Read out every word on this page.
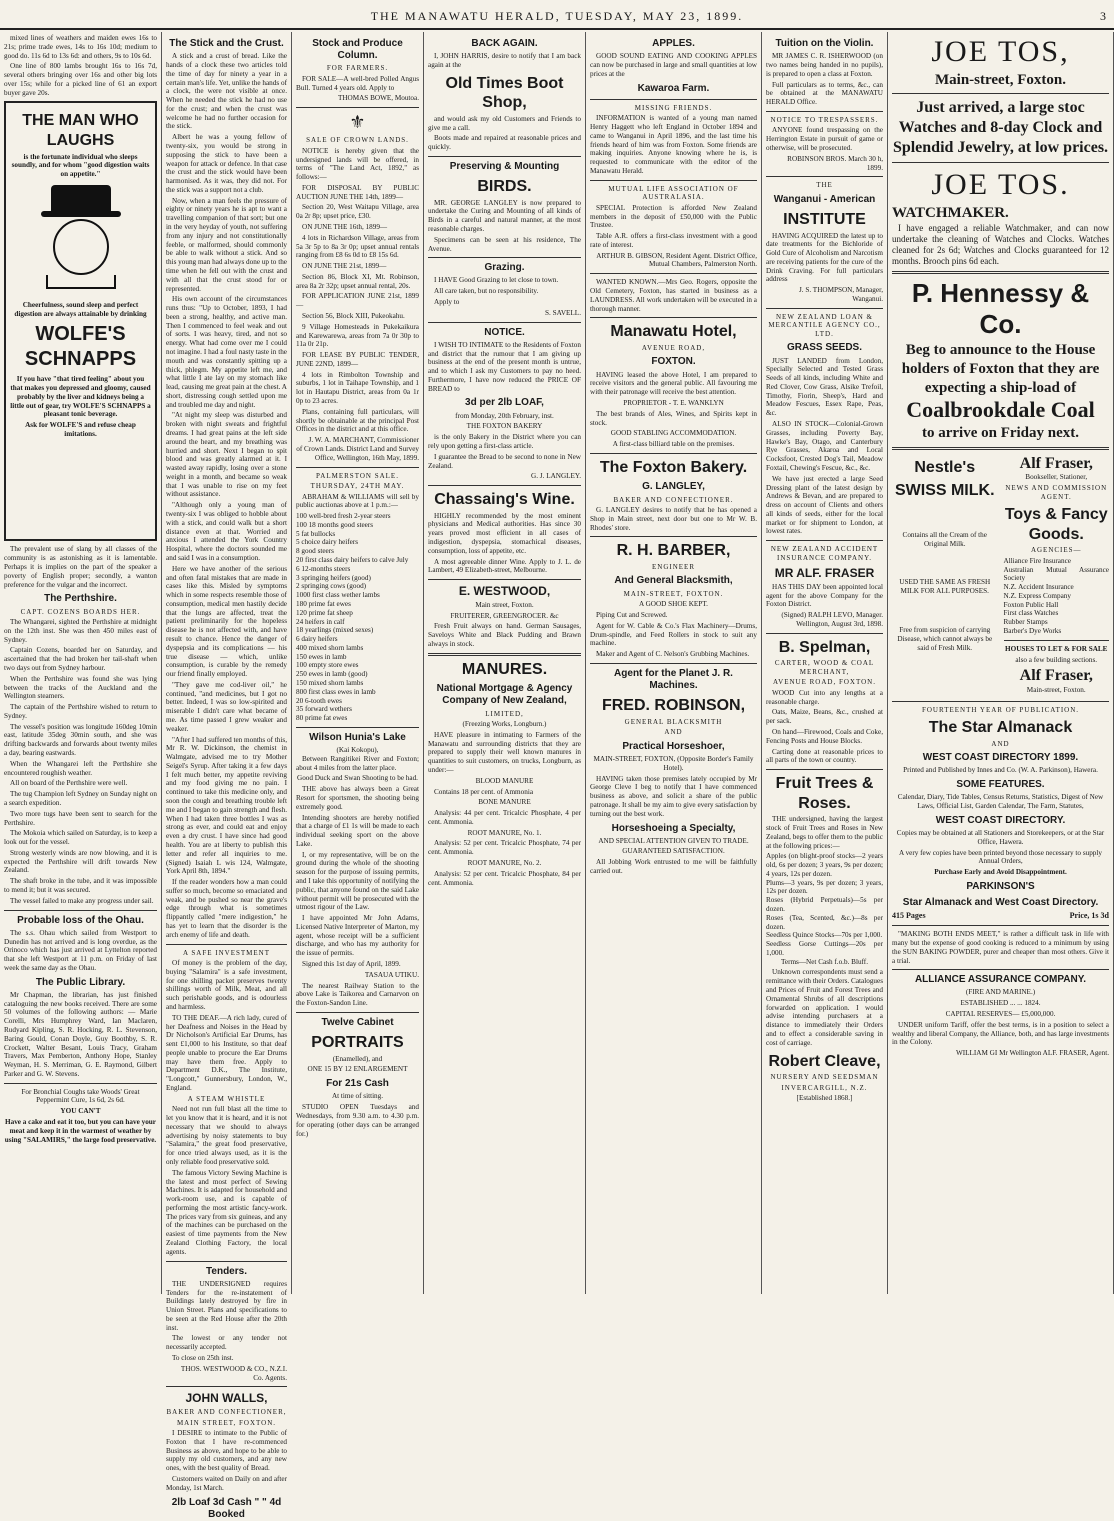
THE MANAWATU HERALD, TUESDAY, MAY 23, 1899.	3

mixed lines of weathers and maiden ewes 16s to 21s; prime trade ewes, 14s to 16s 10d; medium to good do. 11s 6d to 13s 6d: and others, 9s to 10s 6d.

One line of 800 lambs brought 16s to 16s 7d, several others bringing over 16s and other big lots over 15s; while for a picked line of 61 an export buyer gave 20s.

THE MAN WHO LAUGHS

is the fortunate individual who sleeps soundly, and for whom "good digestion waits on appetite."

Cheerfulness, sound sleep and perfect digestion are always attainable by drinking

WOLFE'S SCHNAPPS

If you have "that tired feeling" about you that makes you depressed and gloomy, caused probably by the liver and kidneys being a little out of gear, try WOLFE'S SCHNAPPS a pleasant tonic beverage.

Ask for WOLFE'S and refuse cheap imitations.

The prevalent use of slang by all classes of the community is as astonishing as it is lamentable. Perhaps it is implies on the part of the speaker a poverty of English proper; secondly, a wanton preference for the vulgar and the incorrect.

The Perthshire.
CAPT. COZENS BOARDS HER.

The Whangarei, sighted the Perthshire at midnight on the 12th inst. She was then 450 miles east of Sydney.

Captain Cozens, boarded her on Saturday, and ascertained that the had broken her tail-shaft when two days out from Sydney harbour.

When the Perthshire was found she was lying between the tracks of the Auckland and the Wellington steamers.

The captain of the Perthshire wished to return to Sydney.

The vessel's position was longitude 160deg 10min east, latitude 35deg 30min south, and she was drifting backwards and forwards about twenty miles a day, bearing eastwards.

When the Whangarei left the Perthshire she encountered roughish weather.

All on board of the Perthshire were well.

The tug Champion left Sydney on Sunday night on a search expedition.

Two more tugs have been sent to search for the Perthshire.

The Mokoia which sailed on Saturday, is to keep a look out for the vessel.

Strong westerly winds are now blowing, and it is expected the Perthshire will drift towards New Zealand.

The shaft broke in the tube, and it was impossible to mend it; but it was secured.

The vessel failed to make any progress under sail.

Probable loss of the Ohau.

The s.s. Ohau which sailed from Westport to Dunedin has not arrived and is long overdue, as the Orinoco which has just arrived at Lyttelton reported that she left Westport at 11 p.m. on Friday of last week the same day as the Ohau.

The Public Library.

Mr Chapman, the librarian, has just finished cataloguing the new books received. There are some 50 volumes of the following authors: — Marie Corelli, Mrs Humphrey Ward, Ian Maclaren, Rudyard Kipling, S. R. Hocking, R. L. Stevenson, Baring Gould, Conan Doyle, Guy Boothby, S. R. Crockett, Walter Besant, Louis Tracy, Graham Travers, Max Pemberton, Anthony Hope, Stanley Weyman, H. S. Merriman, G. E. Raymond, Gilbert Parker and G. W. Stevens.

For Bronchial Coughs take Woods' Great Peppermint Cure, 1s 6d, 2s 6d.

YOU CAN'T

Have a cake and eat it too, but you can have your meat and keep it in the warmest of weather by using "SALAMIRS," the large food preservative.

The Stick and the Crust.

A stick and a crust of bread. Like the hands of a clock these two articles told the time of day for ninety a year in a certain man's life. Yet, unlike the hands of a clock, the were not visible at once. When he needed the stick he had no use for the crust; and when the crust was welcome he had no further occasion for the stick.

Albert he was a young fellow of twenty-six, you would be strong in supposing the stick to have been a weapon for attack or defence. In that case the crust and the stick would have been harmonised. As it was, they did not. For the stick was a support not a club.

Now, when a man feels the pressure of eighty or ninety years he is apt to want a travelling companion of that sort; but one in the very heyday of youth, not suffering from any injury and not constitutionally feeble, or malformed, should commonly be able to walk without a stick. And so this young man had always done up to the time when he fell out with the crust and with all that the crust stood for or represented.

His own account of the circumstances runs thus: "Up to October, 1893, I had been a strong, healthy, and active man. Then I commenced to feel weak and out of sorts. I was heavy, tired, and not so energy. What had come over me I could not imagine. I had a foul nasty taste in the mouth and was constantly spitting up a thick, phlegm. My appetite left me, and what little I ate lay on my stomach like lead, causing me great pain at the chest. A short, distressing cough settled upon me and troubled me day and night.

"At night my sleep was disturbed and broken with night sweats and frightful dreams. I had great pains at the left side around the heart, and my breathing was hurried and short. Next I began to spit blood and was greatly alarmed at it. I wasted away rapidly, losing over a stone weight in a month, and became so weak that I was unable to rise on my feet without assistance.

"Although only a young man of twenty-six I was obliged to hobble about with a stick, and could walk but a short distance even at that. Worried and anxious I attended the York Country Hospital, where the doctors sounded me and said I was in a consumption.

Here we have another of the serious and often fatal mistakes that are made in cases like this. Misled by symptoms which in some respects resemble those of consumption, medical men hastily decide that the lungs are affected, treat the patient preliminarily for the hopeless disease he is not affected with, and have result to chance. Hence the danger of dyspepsia and its complications — his true disease — which, unlike consumption, is curable by the remedy our friend finally employed.

"They gave me cod-liver oil," he continued, "and medicines, but I got no better. Indeed, I was so low-spirited and miserable I didn't care what became of me. As time passed I grew weaker and weaker.

"After I had suffered ten months of this, Mr R. W. Dickinson, the chemist in Walmgate, advised me to try Mother Seigel's Syrup. After taking it a few days I felt much better, my appetite reviving and my food giving me no pain. I continued to take this medicine only, and soon the cough and breathing trouble left me and I began to gain strength and flesh. When I had taken three bottles I was as strong as ever, and could eat and enjoy even a dry crust. I have since had good health. You are at liberty to publish this letter and refer all inquiries to me. (Signed) Isaiah L wis 124, Walmgate, York April 8th, 1894."

If the reader wonders how a man could suffer so much, become so emaciated and weak, and be pushed so near the grave's edge through what is sometimes flippantly called "mere indigestion," he has yet to learn that the disorder is the arch enemy of life and death.

A SAFE INVESTMENT

Of money is the problem of the day, buying "Salamira" is a safe investment, for one shilling packet preserves twenty shillings worth of Milk, Meat, and all such perishable goods, and is odourless and harmless.

TO THE DEAF.—A rich lady, cured of her Deafness and Noises in the Head by Dr Nicholson's Artificial Ear Drums, has sent £1,000 to his Institute, so that deaf people unable to procure the Ear Drums may have them free. Apply to Department D.K., The Institute, "Longcott," Gunnersbury, London, W., England.

A STEAM WHISTLE

Need not run full blast all the time to let you know that it is heard, and it is not necessary that we should to always advertising by noisy statements to buy "Salamira," the great food preservative, for once tried always used, as it is the only reliable food preservative sold.

The famous Victory Sewing Machine is the latest and most perfect of Sewing Machines. It is adapted for household and work-room use, and is capable of performing the most artistic fancy-work. The prices vary from six guineas, and any of the machines can be purchased on the easiest of time payments from the New Zealand Clothing Factory, the local agents.

Tenders.

THE UNDERSIGNED requires Tenders for the re-instatement of Buildings lately destroyed by fire in Union Street. Plans and specifications to be seen at the Red House after the 20th inst.

The lowest or any tender not necessarily accepted.

To close on 25th inst.

THOS. WESTWOOD & CO., N.Z.I. Co. Agents.

JOHN WALLS,
BAKER AND CONFECTIONER,
MAIN STREET, FOXTON.

I DESIRE to intimate to the Public of Foxton that I have re-commenced Business as above, and hope to be able to supply my old customers, and any new ones, with the best quality of Bread.

Customers waited on Daily on and after Monday, 1st March.

2lb Loaf 3d Cash " " 4d Booked
Stock and Produce Column.
FOR FARMERS.

FOR SALE—A well-bred Polled Angus Bull. Turned 4 years old. Apply to

THOMAS BOWE, Moutoa.

⚜
SALE OF CROWN LANDS.

NOTICE is hereby given that the undersigned lands will be offered, in terms of "The Land Act, 1892," as follows:—

FOR DISPOSAL BY PUBLIC AUCTION JUNE THE 14th, 1899—

Section 20, West Waitapu Village, area 0a 2r 8p; upset price, £30.

ON JUNE THE 16th, 1899—

4 lots in Richardson Village, areas from 5a 3r 5p to 8a 3r 0p; upset annual rentals ranging from £8 6s 0d to £8 15s 6d.

ON JUNE THE 21st, 1899—

Section 86, Block XI, Mt. Robinson, area 8a 2r 32p; upset annual rental, 20s.

FOR APPLICATION JUNE 21st, 1899—

Section 56, Block XIII, Pukeokahu.

9 Village Homesteads in Pukekaikura and Karewarewa, areas from 7a 0r 30p to 11a 0r 21p.

FOR LEASE BY PUBLIC TENDER, JUNE 22ND, 1899—

4 lots in Rimbolton Township and suburbs, 1 lot in Taihape Township, and 1 lot in Hautapu District, areas from 0a 1r 0p to 23 acres.

Plans, containing full particulars, will shortly be obtainable at the principal Post Offices in the district and at this office.

J. W. A. MARCHANT, Commissioner of Crown Lands. District Land and Survey Office, Wellington, 16th May, 1899.

PALMERSTON SALE.
THURSDAY, 24TH MAY.

ABRAHAM & WILLIAMS will sell by public auctionas above at 1 p.m.:—

100 well-bred fresh 2-year steers
100 18 months good steers
5 fat bullocks
5 choice dairy heifers
8 good steers
20 first class dairy heifers to calve July
6 12-months steers
3 springing heifers (good)
2 springing cows (good)
1000 first class wether lambs
180 prime fat ewes
120 prime fat sheep
24 heifers in calf
18 yearlings (mixed sexes)
6 dairy heifers
400 mixed shorn lambs
150 ewes in lamb
100 empty store ewes
250 ewes in lamb (good)
150 mixed shorn lambs
800 first class ewes in lamb
20 6-tooth ewes
35 forward wethers
80 prime fat ewes
Wilson Hunia's Lake
(Kai Kokopu),

Between Rangitikei River and Foxton; about 4 miles from the latter place.

Good Duck and Swan Shooting to be had.

THE above has always been a Great Resort for sportsmen, the shooting being extremely good.

Intending shooters are hereby notified that a charge of £1 1s will be made to each individual seeking sport on the above Lake.

I, or my representative, will be on the ground during the whole of the shooting season for the purpose of issuing permits, and I take this opportunity of notifying the public, that anyone found on the said Lake without permit will be prosecuted with the utmost rigour of the Law.

I have appointed Mr John Adams, Licensed Native Interpreter of Marton, my agent, whose receipt will be a sufficient discharge, and who has my authority for the issue of permits.

Signed this 1st day of April, 1899.

TASAUA UTIKU.

The nearest Railway Station to the above Lake is Taikorea and Carnarvon on the Foxton-Sandon Line.

Twelve Cabinet
PORTRAITS

(Enamelled), and

ONE 15 BY 12 ENLARGEMENT

For 21s Cash

At time of sitting.

STUDIO OPEN Tuesdays and Wednesdays, from 9.30 a.m. to 4.30 p.m. for operating (other days can be arranged for.)

BACK AGAIN.

I, JOHN HARRIS, desire to notify that I am back again at the

Old Times Boot Shop,

and would ask my old Customers and Friends to give me a call.

Boots made and repaired at reasonable prices and quickly.

Preserving & Mounting
BIRDS.

MR. GEORGE LANGLEY is now prepared to undertake the Curing and Mounting of all kinds of Birds in a careful and natural manner, at the most reasonable charges.

Specimens can be seen at his residence, The Avenue.

Grazing.

I HAVE Good Grazing to let close to town.

All care taken, but no responsibility.

Apply to

S. SAVELL.

NOTICE.

I WISH TO INTIMATE to the Residents of Foxton and district that the rumour that I am giving up business at the end of the present month is untrue, and to which I ask my Customers to pay no heed. Furthermore, I have now reduced the PRICE OF BREAD to

3d per 2lb LOAF,

from Monday, 20th February, inst.

THE FOXTON BAKERY

is the only Bakery in the District where you can rely upon getting a first-class article.

I guarantee the Bread to be second to none in New Zealand.

G. J. LANGLEY.

Chassaing's Wine.

HIGHLY recommended by the most eminent physicians and Medical authorities. Has since 30 years proved most efficient in all cases of indigestion, dyspepsia, stomachical diseases, consumption, loss of appetite, etc.

A most agreeable dinner Wine. Apply to J. L. de Lambert, 49 Elizabeth-street, Melbourne.

E. WESTWOOD,

Main street, Foxton.

FRUITERER, GREENGROCER. &c

Fresh Fruit always on hand. German Sausages, Saveloys White and Black Pudding and Brawn always in stock.

MANURES.
National Mortgage & Agency Company of New Zealand,
LIMITED,

(Freezing Works, Longburn.)

HAVE pleasure in intimating to Farmers of the Manawatu and surrounding districts that they are prepared to supply their well known manures in quantities to suit customers, on trucks, Longburn, as under:—

BLOOD MANURE

Contains 18 per cent. of Ammonia

BONE MANURE

Analysis: 44 per cent. Tricalcic Phosphate, 4 per cent. Ammonia.

ROOT MANURE, No. 1.

Analysis: 52 per cent. Tricalcic Phosphate, 74 per cent. Ammonia.

ROOT MANURE, No. 2.

Analysis: 52 per cent. Tricalcic Phosphate, 84 per cent. Ammonia.

APPLES.

GOOD SOUND EATING AND COOKING APPLES can now be purchased in large and small quantities at low prices at the

Kawaroa Farm.
MISSING FRIENDS.

INFORMATION is wanted of a young man named Henry Haggett who left England in October 1894 and came to Wanganui in April 1896, and the last time his friends heard of him was from Foxton. Some friends are making inquiries. Anyone knowing where he is, is requested to communicate with the editor of the Manawatu Herald.

MUTUAL LIFE ASSOCIATION OF AUSTRALASIA.

SPECIAL Protection is afforded New Zealand members in the deposit of £50,000 with the Public Trustee.

Table A.R. offers a first-class investment with a good rate of interest.

ARTHUR B. GIBSON, Resident Agent. District Office, Mutual Chambers, Palmerston North.

WANTED KNOWN.—Mrs Geo. Rogers, opposite the Old Cemetery, Foxton, has started in business as a LAUNDRESS. All work undertaken will be executed in a thorough manner.

Manawatu Hotel,
AVENUE ROAD,
FOXTON.

HAVING leased the above Hotel, I am prepared to receive visitors and the general public. All favouring me with their patronage will receive the best attention.

PROPRIETOR - T. E. WANKLYN

The best brands of Ales, Wines, and Spirits kept in stock.

GOOD STABLING ACCOMMODATION.

A first-class billiard table on the premises.

The Foxton Bakery.
G. LANGLEY,
BAKER AND CONFECTIONER.

G. LANGLEY desires to notify that he has opened a Shop in Main street, next door but one to Mr W. B. Rhodes' store.

R. H. BARBER,
ENGINEER
And General Blacksmith,
MAIN-STREET, FOXTON.

A GOOD SHOE KEPT.

Piping Cut and Screwed.

Agent for W. Cable & Co.'s Flax Machinery—Drums, Drum-spindle, and Feed Rollers in stock to suit any machine.

Maker and Agent of C. Nelson's Grubbing Machines.

Agent for the Planet J. R. Machines.
FRED. ROBINSON,
GENERAL BLACKSMITH
AND
Practical Horseshoer,

MAIN-STREET, FOXTON, (Opposite Border's Family Hotel).

HAVING taken those premises lately occupied by Mr George Cleve I beg to notify that I have commenced business as above, and solicit a share of the public patronage. It shall be my aim to give every satisfaction by turning out the best work.

Horseshoeing a Specialty,

AND SPECIAL ATTENTION GIVEN TO TRADE.

GUARANTEED SATISFACTION.

All Jobbing Work entrusted to me will be faithfully carried out.

Tuition on the Violin.

MR JAMES C. R. ISHERWOOD (on two names being handed in no pupils), is prepared to open a class at Foxton.

Full particulars as to terms, &c., can be obtained at the MANAWATU HERALD Office.

NOTICE TO TRESPASSERS.

ANYONE found trespassing on the Herrington Estate in pursuit of game or otherwise, will be prosecuted.

ROBINSON BROS. March 30 h, 1899.

THE
Wanganui - American
INSTITUTE

HAVING ACQUIRED the latest up to date treatments for the Bichloride of Gold Cure of Alcoholism and Narcotism are receiving patients for the cure of the Drink Craving. For full particulars address

J. S. THOMPSON, Manager, Wanganui.

NEW ZEALAND LOAN & MERCANTILE AGENCY CO., LTD.
GRASS SEEDS.

JUST LANDED from London, Specially Selected and Tested Grass Seeds of all kinds, including White and Red Clover, Cow Grass, Alsike Trefoil, Timothy, Fiorin, Sheep's, Hard and Meadow Fescues, Essex Rape, Peas, &c.

ALSO IN STOCK—Colonial-Grown Grasses, including Poverty Bay, Hawke's Bay, Otago, and Canterbury Rye Grasses, Akaroa and Local Cocksfoot, Crested Dog's Tail, Meadow Foxtail, Chewing's Fescue, &c., &c.

We have just erected a large Seed Dressing plant of the latest design by Andrews & Bevan, and are prepared to dress on account of Clients and others all kinds of seeds, either for the local market or for shipment to London, at lowest rates.

NEW ZEALAND ACCIDENT INSURANCE COMPANY.
MR ALF. FRASER

HAS THIS DAY been appointed local agent for the above Company for the Foxton District.

(Signed) RALPH LEVO, Manager. Wellington, August 3rd, 1898.

B. Spelman,
CARTER, WOOD & COAL MERCHANT,
AVENUE ROAD, FOXTON.

WOOD Cut into any lengths at a reasonable charge.

Oats, Maize, Beans, &c., crushed at per sack.

On hand—Firewood, Coals and Coke, Fencing Posts and House Blocks.

Carting done at reasonable prices to all parts of the town or country.

Fruit Trees & Roses.

THE undersigned, having the largest stock of Fruit Trees and Roses in New Zealand, begs to offer them to the public at the following prices:—

Apples (on blight-proof stocks—2 years old, 6s per dozen; 3 years, 9s per dozen; 4 years, 12s per dozen.
Plums—3 years, 9s per dozen; 3 years, 12s per dozen.
Roses (Hybrid Perpetuals)—5s per dozen.
Roses (Tea, Scented, &c.)—8s per dozen.
Seedless Quince Stocks—70s per 1,000.
Seedless Gorse Cuttings—20s per 1,000.

Terms—Net Cash f.o.b. Bluff.

Unknown correspondents must send a remittance with their Orders. Catalogues and Prices of Fruit and Forest Trees and Ornamental Shrubs of all descriptions forwarded on application. I would advise intending purchasers at a distance to immediately their Orders and to effect a considerable saving in cost of carriage.

Robert Cleave,
NURSERY AND SEEDSMAN
INVERCARGILL, N.Z.

[Established 1868.]

JOE TOS,
Main-street, Foxton.
Just arrived, a large stoc Watches and 8-day Clock and Splendid Jewelry, at low prices.
JOE TOS.
WATCHMAKER.

I have engaged a reliable Watchmaker, and can now undertake the cleaning of Watches and Clocks. Watches cleaned for 2s 6d; Watches and Clocks guaranteed for 12 months. Brooch pins 6d each.

P. Hennessy & Co.
Beg to announce to the House holders of Foxton that they are expecting a ship-load of
Coalbrookdale Coal
to arrive on Friday next.
Nestle's
SWISS MILK.

Contains all the Cream of the Original Milk.

USED THE SAME AS FRESH MILK FOR ALL PURPOSES.

Free from suspicion of carrying Disease, which cannot always be said of Fresh Milk.

Alf Fraser,

Bookseller, Stationer,

NEWS AND COMMISSION AGENT.

Toys & Fancy Goods.

AGENCIES—

Alliance Fire Insurance
Australian Mutual Assurance Society
N.Z. Accident Insurance
N.Z. Express Company
Foxton Public Hall
First class Watches
Rubber Stamps
Barber's Dye Works

HOUSES TO LET & FOR SALE

also a few building sections.

Alf Fraser,

Main-street, Foxton.

FOURTEENTH YEAR OF PUBLICATION.
The Star Almanack
AND
WEST COAST DIRECTORY 1899.

Printed and Published by Innes and Co. (W. A. Parkinson), Hawera.

SOME FEATURES.

Calendar, Diary, Tide Tables, Census Returns, Statistics, Digest of New Laws, Official List, Garden Calendar, The Farm, Statutes,

WEST COAST DIRECTORY.

Copies may be obtained at all Stationers and Storekeepers, or at the Star Office, Hawera.

A very few copies have been printed beyond those necessary to supply Annual Orders,

Purchase Early and Avoid Disappointment.

PARKINSON'S
Star Almanack and West Coast Directory.
415 Pages	Price, 1s 3d

"MAKING BOTH ENDS MEET," is rather a difficult task in life with many but the expense of good cooking is reduced to a minimum by using the SUN BAKING POWDER, purer and cheaper than most others. Give it a trial.

ALLIANCE ASSURANCE COMPANY.

(FIRE AND MARINE.)

ESTABLISHED ... ... 1824.

CAPITAL RESERVES— £5,000,000.

UNDER uniform Tariff, offer the best terms, is in a position to select a wealthy and liberal Company, the Alliance, both, and has large investments in the Colony.

WILLIAM GI Mr Wellington ALF. FRASER, Agent.
